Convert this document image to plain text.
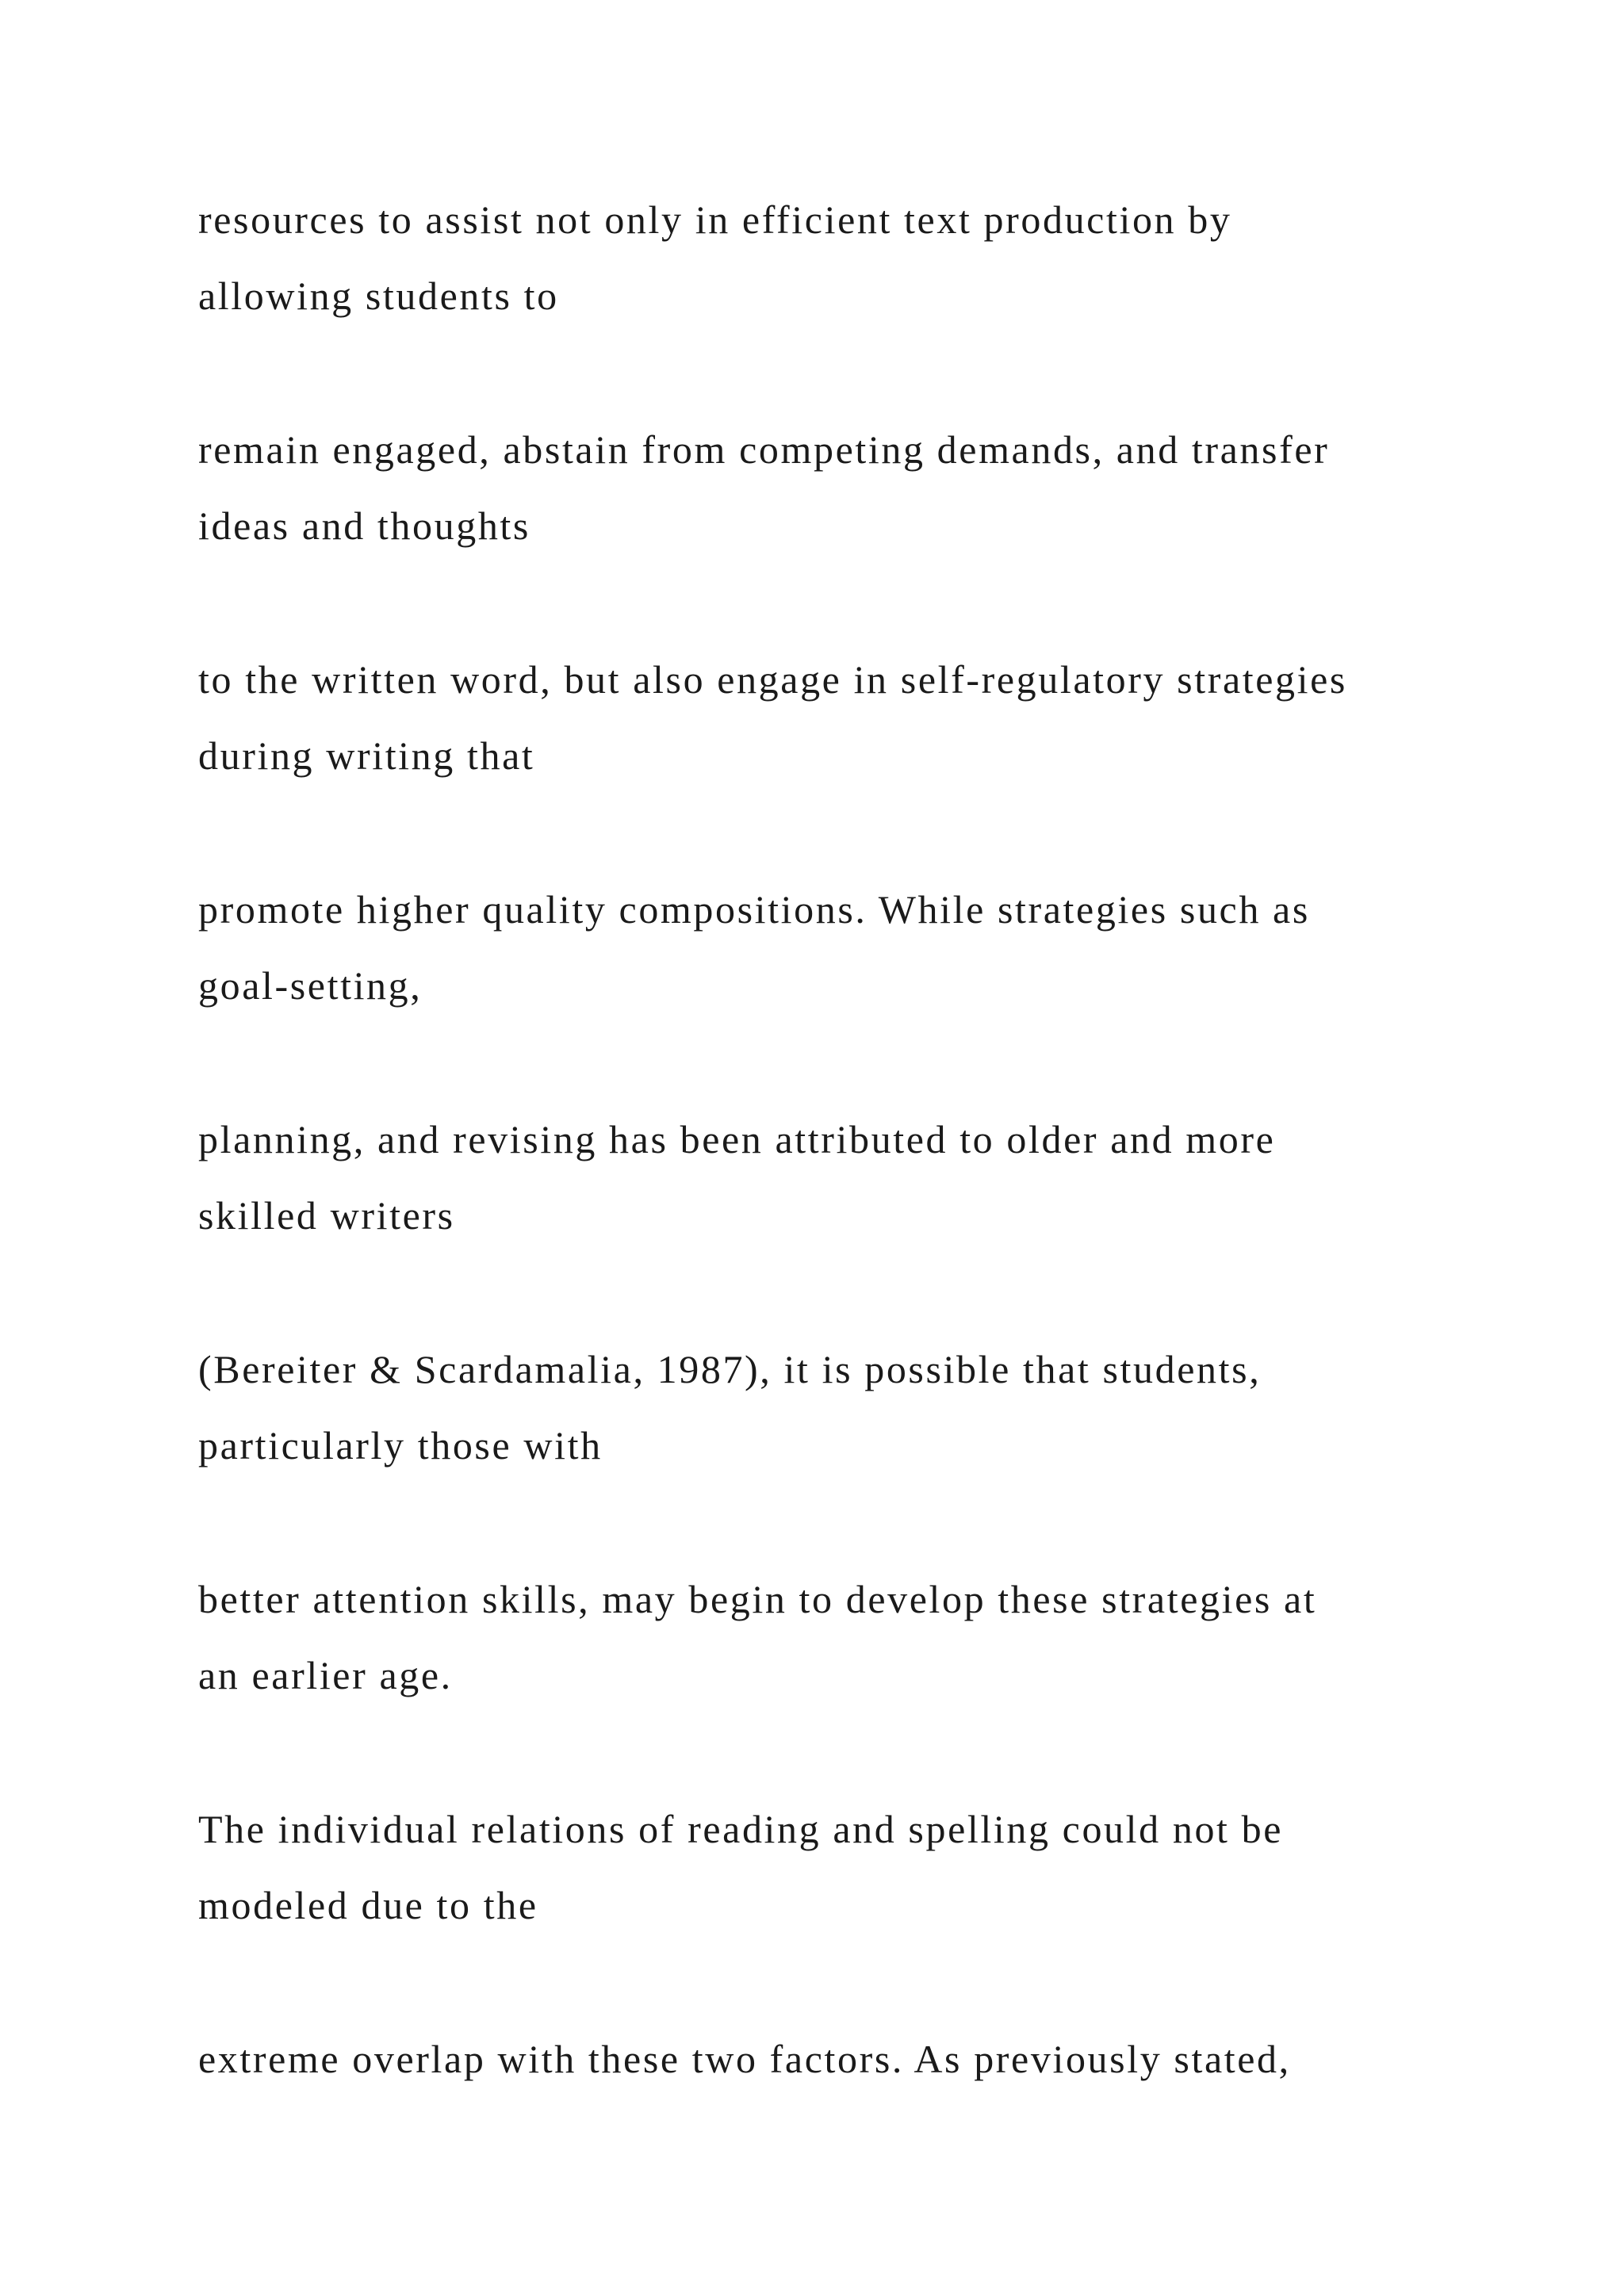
resources to assist not only in efficient text production by
allowing students to

remain engaged, abstain from competing demands, and transfer
ideas and thoughts

to the written word, but also engage in self-regulatory strategies
during writing that

promote higher quality compositions. While strategies such as
goal-setting,

planning, and revising has been attributed to older and more
skilled writers

(Bereiter & Scardamalia, 1987), it is possible that students,
particularly those with

better attention skills, may begin to develop these strategies at
an earlier age.

The individual relations of reading and spelling could not be
modeled due to the

extreme overlap with these two factors. As previously stated,
